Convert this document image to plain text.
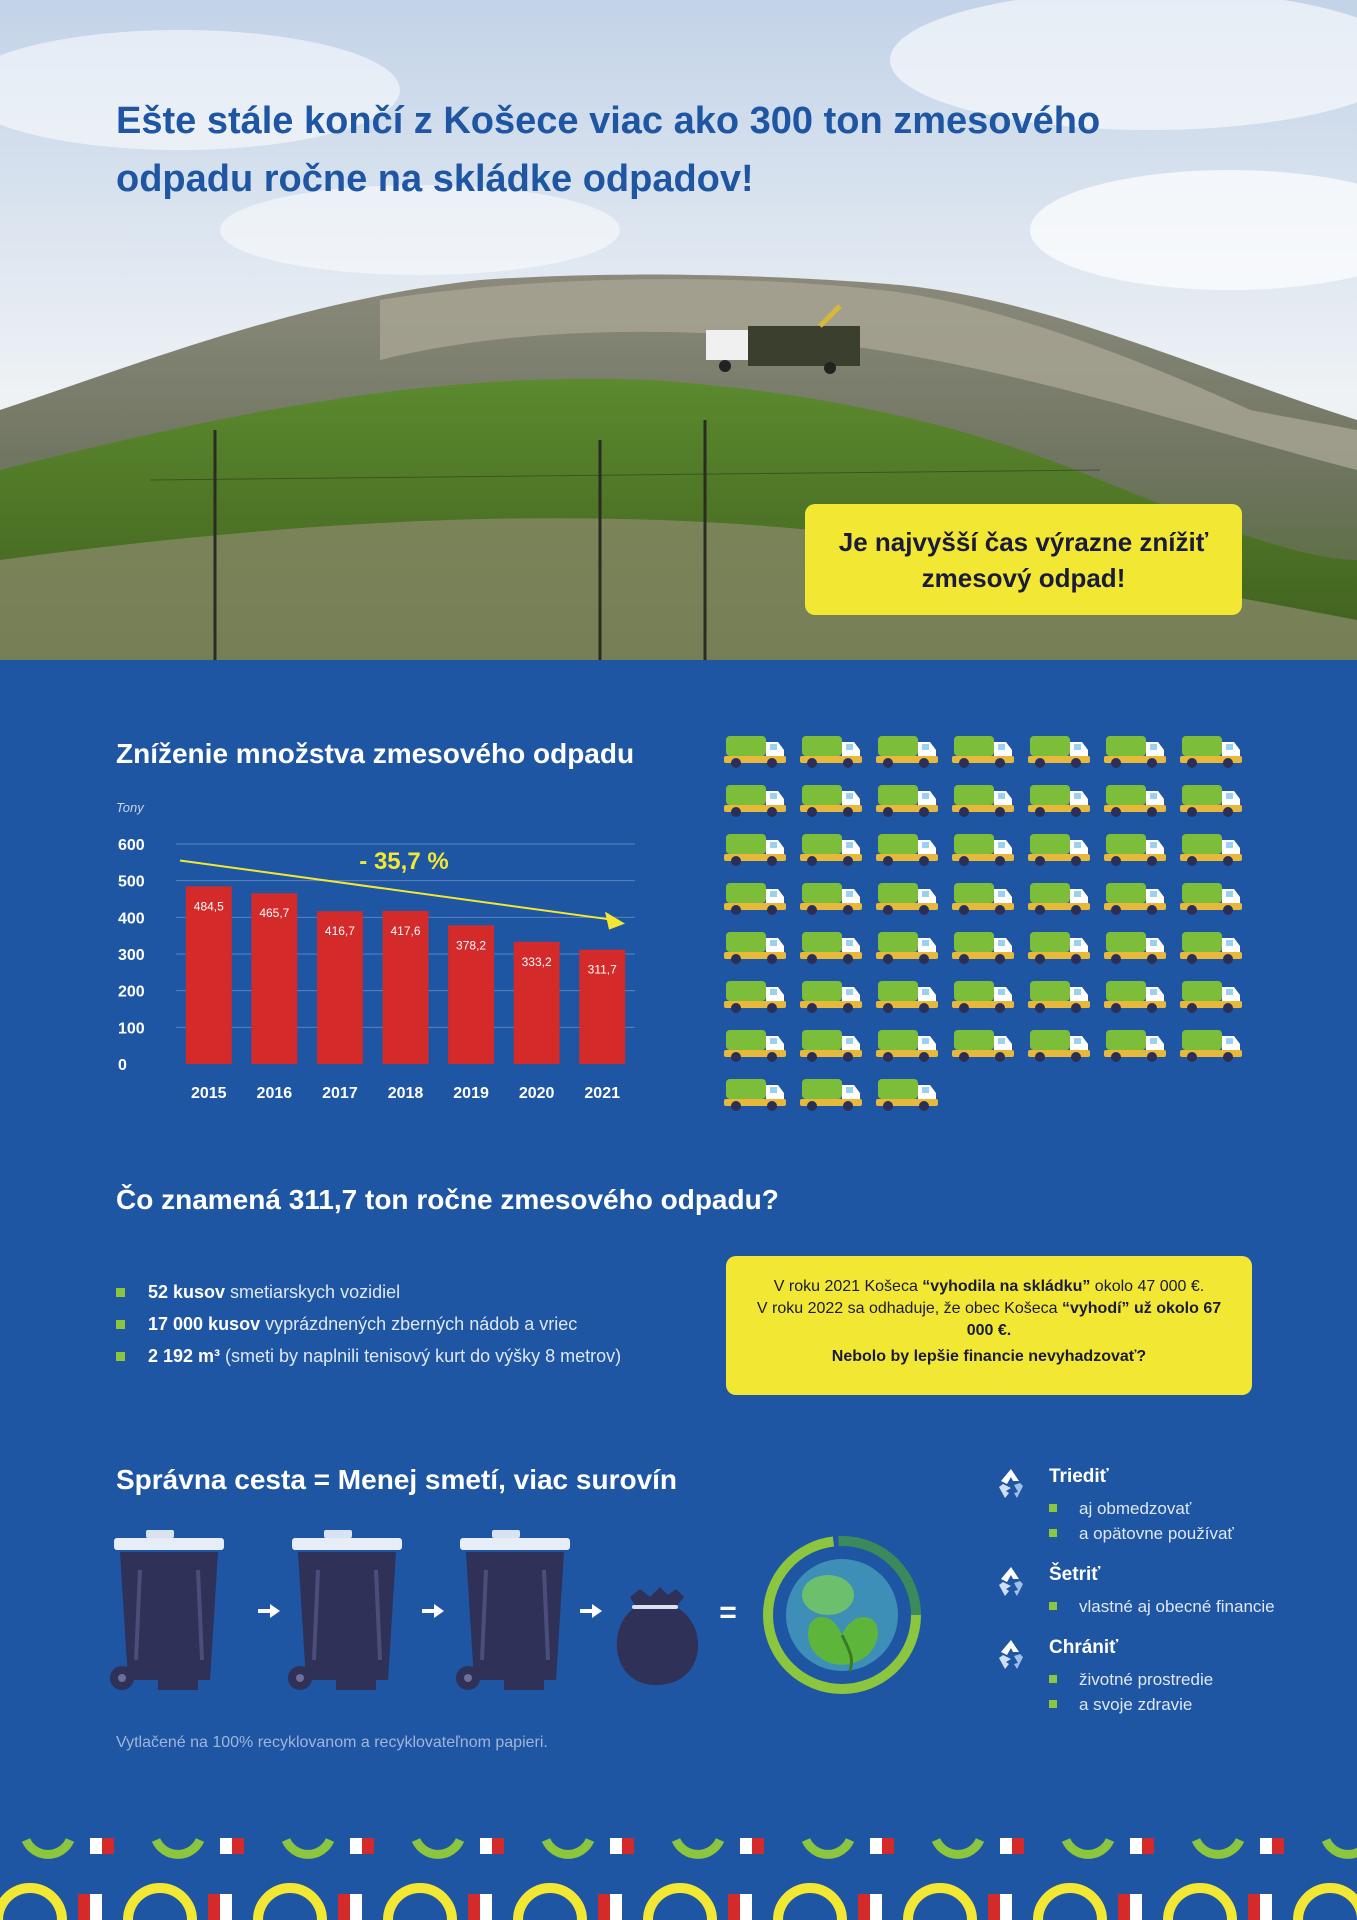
Ešte stále končí z Košece viac ako 300 ton zmesového odpadu ročne na skládke odpadov!
Je najvyšší čas výrazne znížiť zmesový odpad!
Zníženie množstva zmesového odpadu
Tony
0
100
200
300
400
500
600
484,5	465,7
416,7	417,6
378,2
333,2
311,7
2015 2016 2017 2018 2019 2020 2021
- 35,7 %
Čo znamená 311,7 ton ročne zmesového odpadu?
52 kusov smetiarskych vozidiel
17 000 kusov vyprázdnených zberných nádob a vriec
2 192 m³ (smeti by naplnili tenisový kurt do výšky 8 metrov)

V roku 2021 Košeca “vyhodila na skládku” okolo 47 000 €.

V roku 2022 sa odhaduje, že obec Košeca “vyhodí” už okolo 67 000 €.

Nebolo by lepšie financie nevyhadzovať?

Správna cesta = Menej smetí, viac surovín
=

Vytlačené na 100% recyklovanom a recyklovateľnom papieri.

Triediť
aj obmedzovať
a opätovne používať
Šetriť
vlastné aj obecné financie
Chrániť
životné prostredie
a svoje zdravie
